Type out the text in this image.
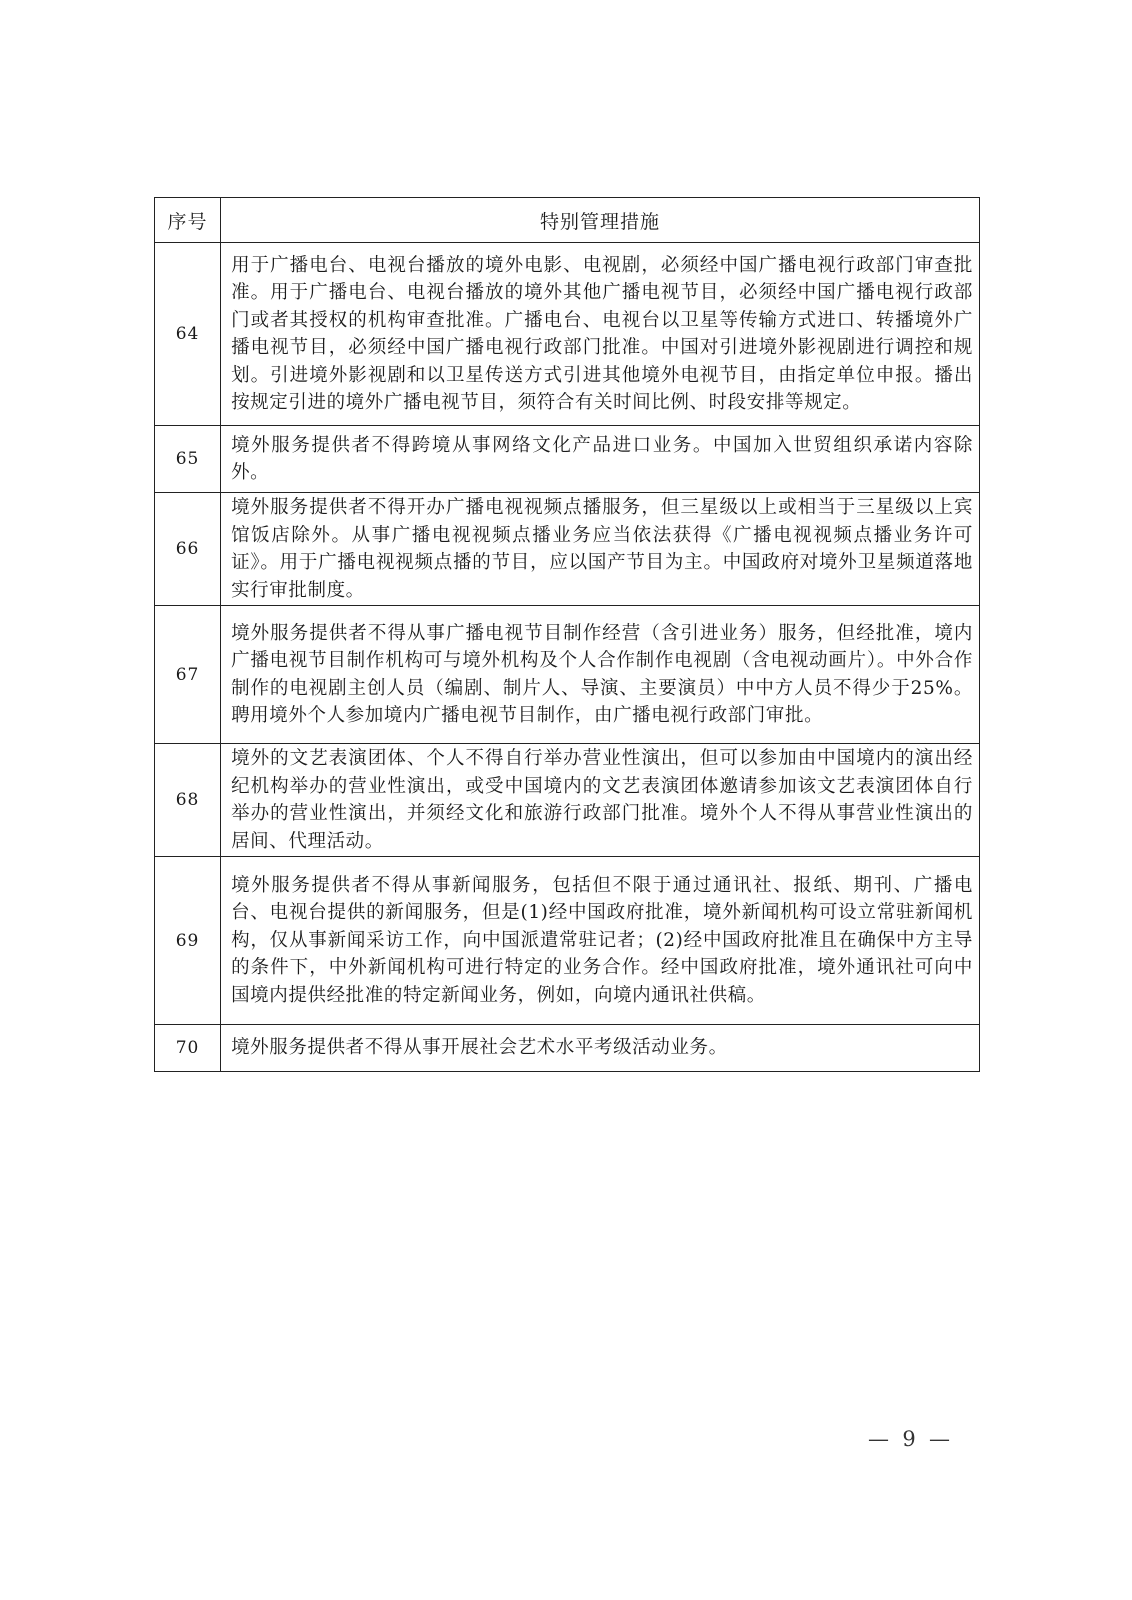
序号	特别管理措施
64	用于广播电台、电视台播放的境外电影、电视剧，必须经中国广播电视行政部门审查批准。用于广播电台、电视台播放的境外其他广播电视节目，必须经中国广播电视行政部门或者其授权的机构审查批准。广播电台、电视台以卫星等传输方式进口、转播境外广播电视节目，必须经中国广播电视行政部门批准。中国对引进境外影视剧进行调控和规划。引进境外影视剧和以卫星传送方式引进其他境外电视节目，由指定单位申报。播出按规定引进的境外广播电视节目，须符合有关时间比例、时段安排等规定。
65	境外服务提供者不得跨境从事网络文化产品进口业务。中国加入世贸组织承诺内容除外。
66	境外服务提供者不得开办广播电视视频点播服务，但三星级以上或相当于三星级以上宾馆饭店除外。从事广播电视视频点播业务应当依法获得《广播电视视频点播业务许可证》。用于广播电视视频点播的节目，应以国产节目为主。中国政府对境外卫星频道落地实行审批制度。
67	境外服务提供者不得从事广播电视节目制作经营（含引进业务）服务，但经批准，境内广播电视节目制作机构可与境外机构及个人合作制作电视剧（含电视动画片）。中外合作制作的电视剧主创人员（编剧、制片人、导演、主要演员）中中方人员不得少于25%。聘用境外个人参加境内广播电视节目制作，由广播电视行政部门审批。
68	境外的文艺表演团体、个人不得自行举办营业性演出，但可以参加由中国境内的演出经纪机构举办的营业性演出，或受中国境内的文艺表演团体邀请参加该文艺表演团体自行举办的营业性演出，并须经文化和旅游行政部门批准。境外个人不得从事营业性演出的居间、代理活动。
69	境外服务提供者不得从事新闻服务，包括但不限于通过通讯社、报纸、期刊、广播电台、电视台提供的新闻服务，但是(1)经中国政府批准，境外新闻机构可设立常驻新闻机构，仅从事新闻采访工作，向中国派遣常驻记者；(2)经中国政府批准且在确保中方主导的条件下，中外新闻机构可进行特定的业务合作。经中国政府批准，境外通讯社可向中国境内提供经批准的特定新闻业务，例如，向境内通讯社供稿。
70	境外服务提供者不得从事开展社会艺术水平考级活动业务。
—  9  —
